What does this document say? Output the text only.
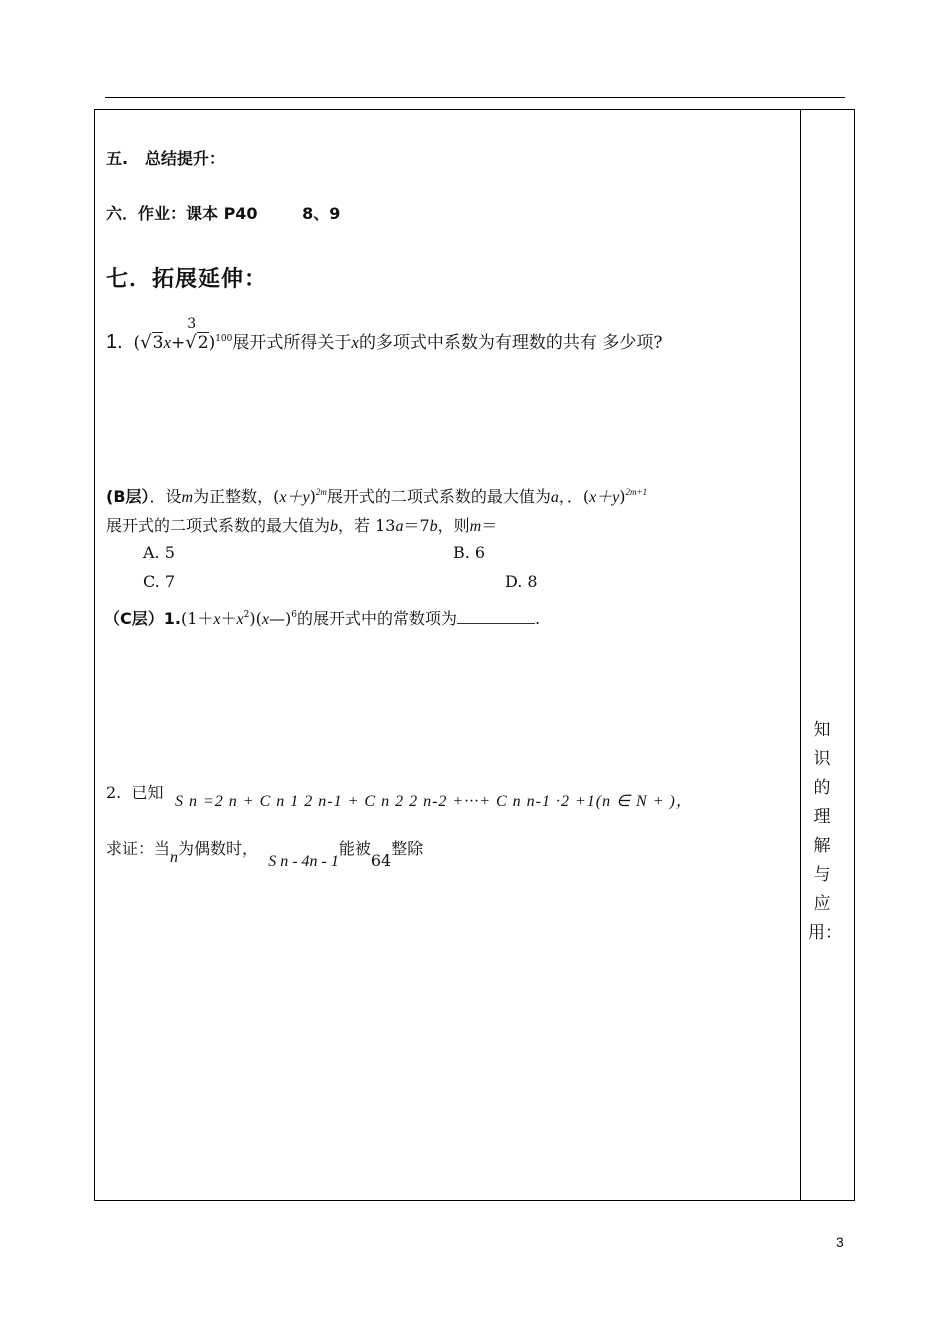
五. 总结提升：
六．作业：课本 P40	8、9
七．拓展延伸：
1. (√3x+
3
√2)$^{100}$展开式所得关于x的多项式中系数为有理数的共有 多少项?
(B层）．设m为正整数，$(x+y)^{2m}$展开式的二项式系数的最大值为a，．$(x+y)^{2m+1}$
展开式的二项式系数的最大值为b，若 13a＝7b，则m＝
A. 5	B. 6
C. 7	D. 8
（C层）$1.(1+x+x^2)(x—)^6$的展开式中的常数项为	.
2. 已知 S n =2 n + C n 1 2 n-1 + C n 2 2 n-2 +···+ C n n-1 ·2 +1(n ∈ N + )，
求证：当n为偶数时，  S n - 4n - 1能被64整除
知
识
的
理
解
与
应
用：
3
